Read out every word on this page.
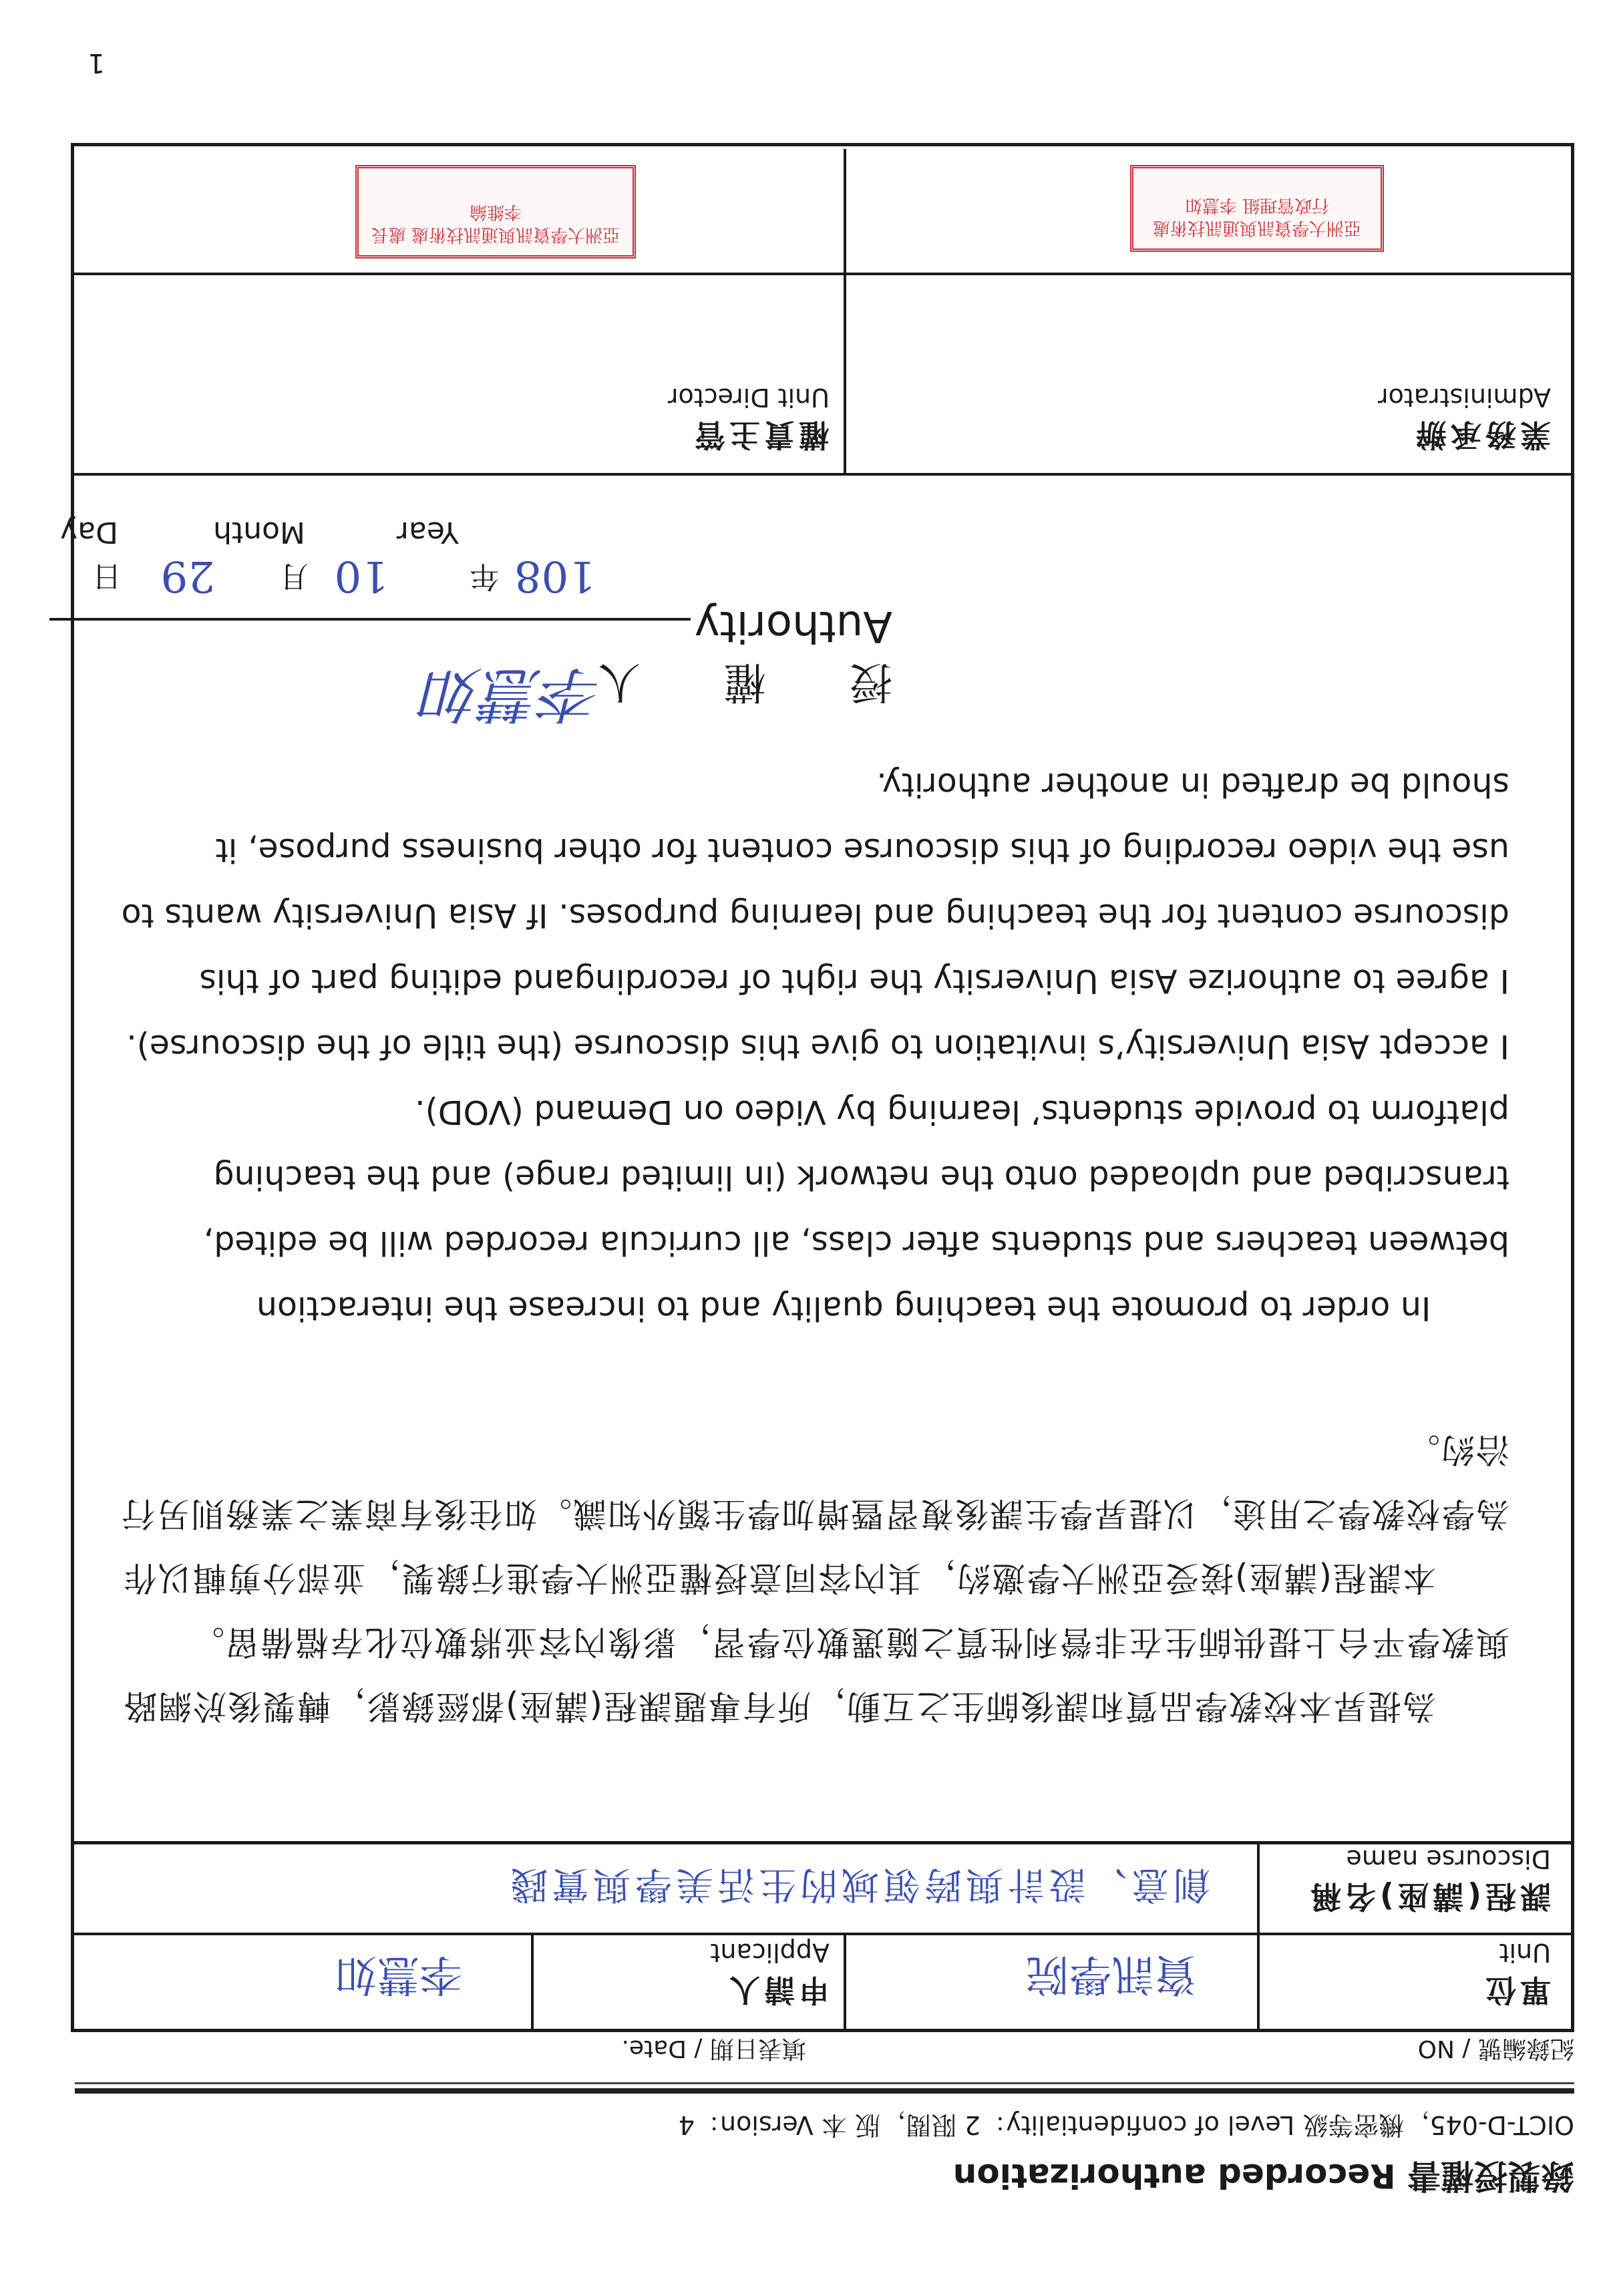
1
錄製授權書 Recorded authorization
OICT-D-045，機密等級 Level of confidentiality：2 限閱，版 本 Version：4
紀錄編號 / NO
填表日期 / Date.
單位
Unit
資訊學院
申請人
Applicant
李慧如
課程(講座)名稱
Discourse name
創意、設計與跨領域的生活美學與實踐

為提昇本校教學品質和課後師生之互動，所有專題課程(講座)都經錄影，轉製後於網路與教學平台上提供師生在非營利性質之隨選數位學習，影像內容並將數位化存檔備留。

本課程(講座)接受亞洲大學邀約，其內容同意授權亞洲大學進行錄製，並部分剪輯以作為學校教學之用途，以提昇學生課後複習暨增加學生額外知識。如往後有商業之業務則另行洽約。

In order to promote the teaching quality and to increase the interaction between teachers and students after class, all curricula recorded will be edited, transcribed and uploaded onto the network (in limited range) and the teaching platform to provide students’ learning by Video on Demand (VOD).

I accept Asia University’s invitation to give this discourse (the title of the discourse). I agree to authorize Asia University the right of recordingand editing part of this discourse content for the teaching and learning purposes. If Asia University wants to use the video recording of this discourse content for other business purpose, it should be drafted in another authority.

授 權 人
Authority
李慧如
108
年
10
月
29
日
Year
Month
Day
業務承辦
Administrator
權責主管
Unit Director
亞洲大學資訊與通訊技術處 行政管理組 李慧如
亞洲大學資訊與通訊技術處 處長 李維綸
